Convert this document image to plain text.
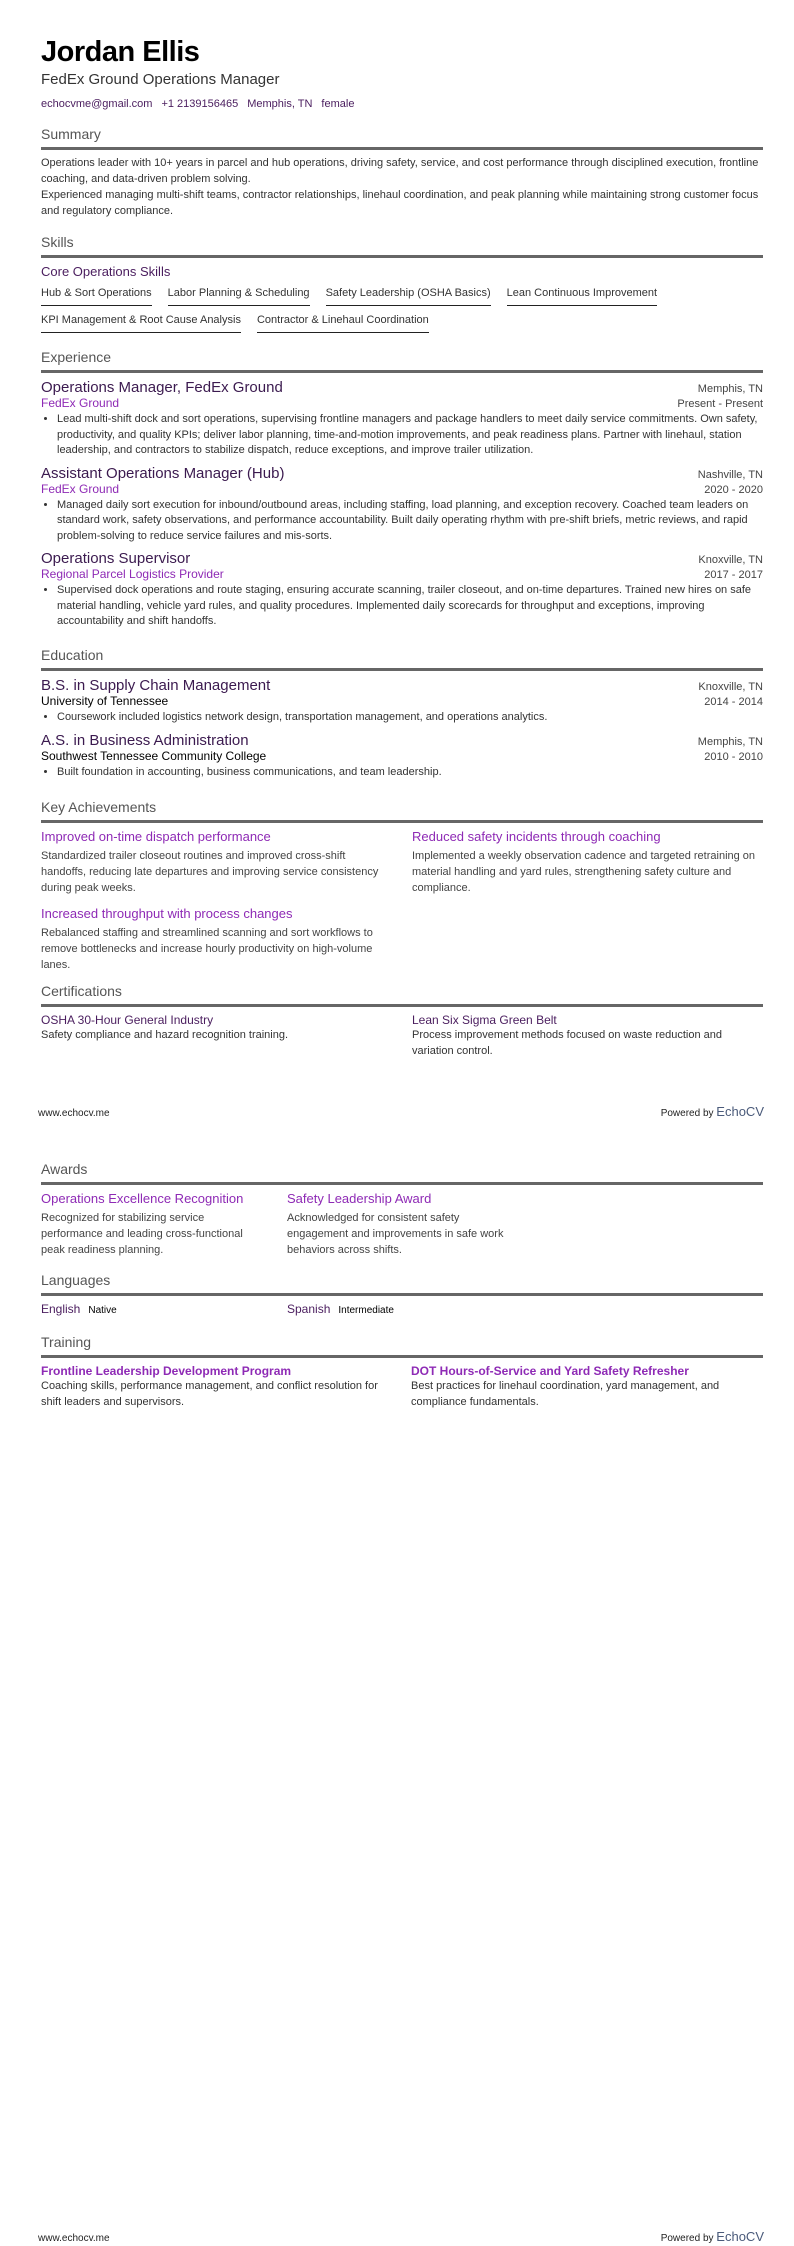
Jordan Ellis
FedEx Ground Operations Manager
echocvme@gmail.com +1 2139156465 Memphis, TN female
Summary

Operations leader with 10+ years in parcel and hub operations, driving safety, service, and cost performance through disciplined execution, frontline coaching, and data-driven problem solving.

Experienced managing multi-shift teams, contractor relationships, linehaul coordination, and peak planning while maintaining strong customer focus and regulatory compliance.

Skills
Core Operations Skills
Hub & Sort Operations Labor Planning & Scheduling Safety Leadership (OSHA Basics) Lean Continuous Improvement
KPI Management & Root Cause Analysis Contractor & Linehaul Coordination
Experience
Operations Manager, FedEx Ground	Memphis, TN
FedEx Ground	Present - Present
• Lead multi-shift dock and sort operations, supervising frontline managers and package handlers to meet daily service commitments. Own safety, productivity, and quality KPIs; deliver labor planning, time-and-motion improvements, and peak readiness plans. Partner with linehaul, station leadership, and contractors to stabilize dispatch, reduce exceptions, and improve trailer utilization.
Assistant Operations Manager (Hub)	Nashville, TN
FedEx Ground	2020 - 2020
• Managed daily sort execution for inbound/outbound areas, including staffing, load planning, and exception recovery. Coached team leaders on standard work, safety observations, and performance accountability. Built daily operating rhythm with pre-shift briefs, metric reviews, and rapid problem-solving to reduce service failures and mis-sorts.
Operations Supervisor	Knoxville, TN
Regional Parcel Logistics Provider	2017 - 2017
• Supervised dock operations and route staging, ensuring accurate scanning, trailer closeout, and on-time departures. Trained new hires on safe material handling, vehicle yard rules, and quality procedures. Implemented daily scorecards for throughput and exceptions, improving accountability and shift handoffs.
Education
B.S. in Supply Chain Management	Knoxville, TN
University of Tennessee	2014 - 2014
• Coursework included logistics network design, transportation management, and operations analytics.
A.S. in Business Administration	Memphis, TN
Southwest Tennessee Community College	2010 - 2010
• Built foundation in accounting, business communications, and team leadership.
Key Achievements
Improved on-time dispatch performance
Standardized trailer closeout routines and improved cross-shift handoffs, reducing late departures and improving service consistency during peak weeks.
Reduced safety incidents through coaching
Implemented a weekly observation cadence and targeted retraining on material handling and yard rules, strengthening safety culture and compliance.
Increased throughput with process changes
Rebalanced staffing and streamlined scanning and sort workflows to remove bottlenecks and increase hourly productivity on high-volume lanes.
Certifications
OSHA 30-Hour General Industry
Safety compliance and hazard recognition training.
Lean Six Sigma Green Belt
Process improvement methods focused on waste reduction and variation control.
www.echocv.me	Powered by EchoCV
Awards
Operations Excellence Recognition
Recognized for stabilizing service performance and leading cross-functional peak readiness planning.
Safety Leadership Award
Acknowledged for consistent safety engagement and improvements in safe work behaviors across shifts.
Languages
English Native	Spanish Intermediate
Training
Frontline Leadership Development Program
Coaching skills, performance management, and conflict resolution for shift leaders and supervisors.
DOT Hours-of-Service and Yard Safety Refresher
Best practices for linehaul coordination, yard management, and compliance fundamentals.
www.echocv.me	Powered by EchoCV
